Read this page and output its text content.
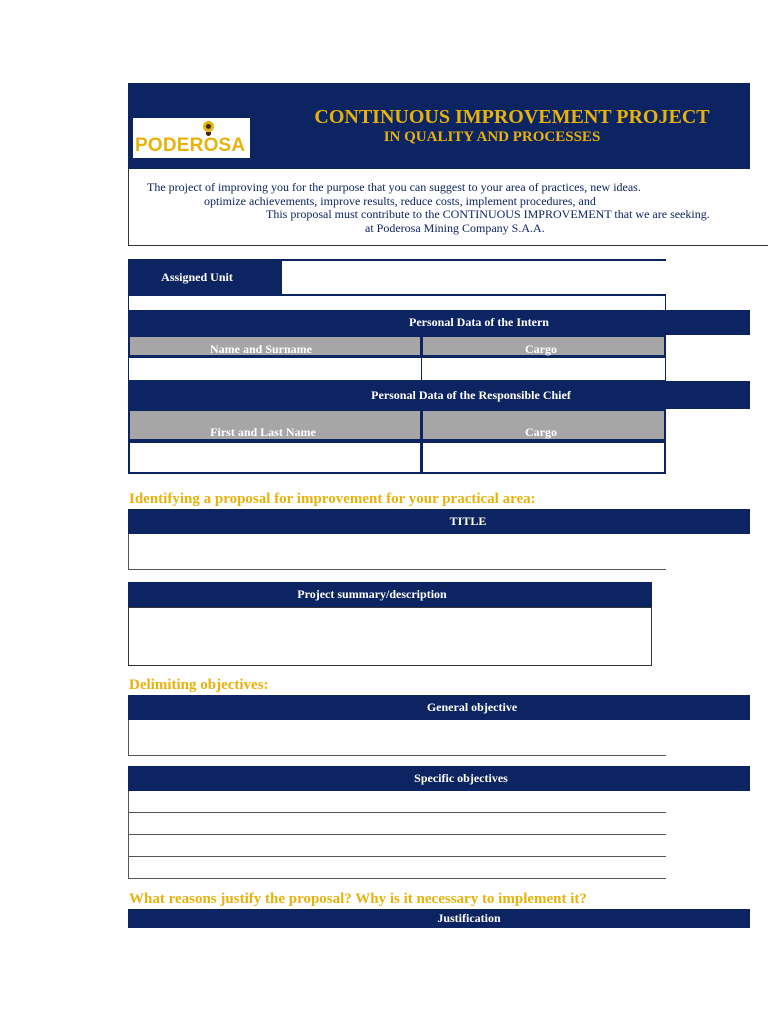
PODEROSA
CONTINUOUS IMPROVEMENT PROJECT
IN QUALITY AND PROCESSES
The project of improving you for the purpose that you can suggest to your area of practices, new ideas.
optimize achievements, improve results, reduce costs, implement procedures, and
This proposal must contribute to the CONTINUOUS IMPROVEMENT that we are seeking.
at Poderosa Mining Company S.A.A.
Assigned Unit
Personal Data of the Intern
Name and Surname	Cargo
Personal Data of the Responsible Chief
First and Last Name	Cargo
Identifying a proposal for improvement for your practical area:
TITLE
Project summary/description
Delimiting objectives:
General objective
Specific objectives
What reasons justify the proposal? Why is it necessary to implement it?
Justification
